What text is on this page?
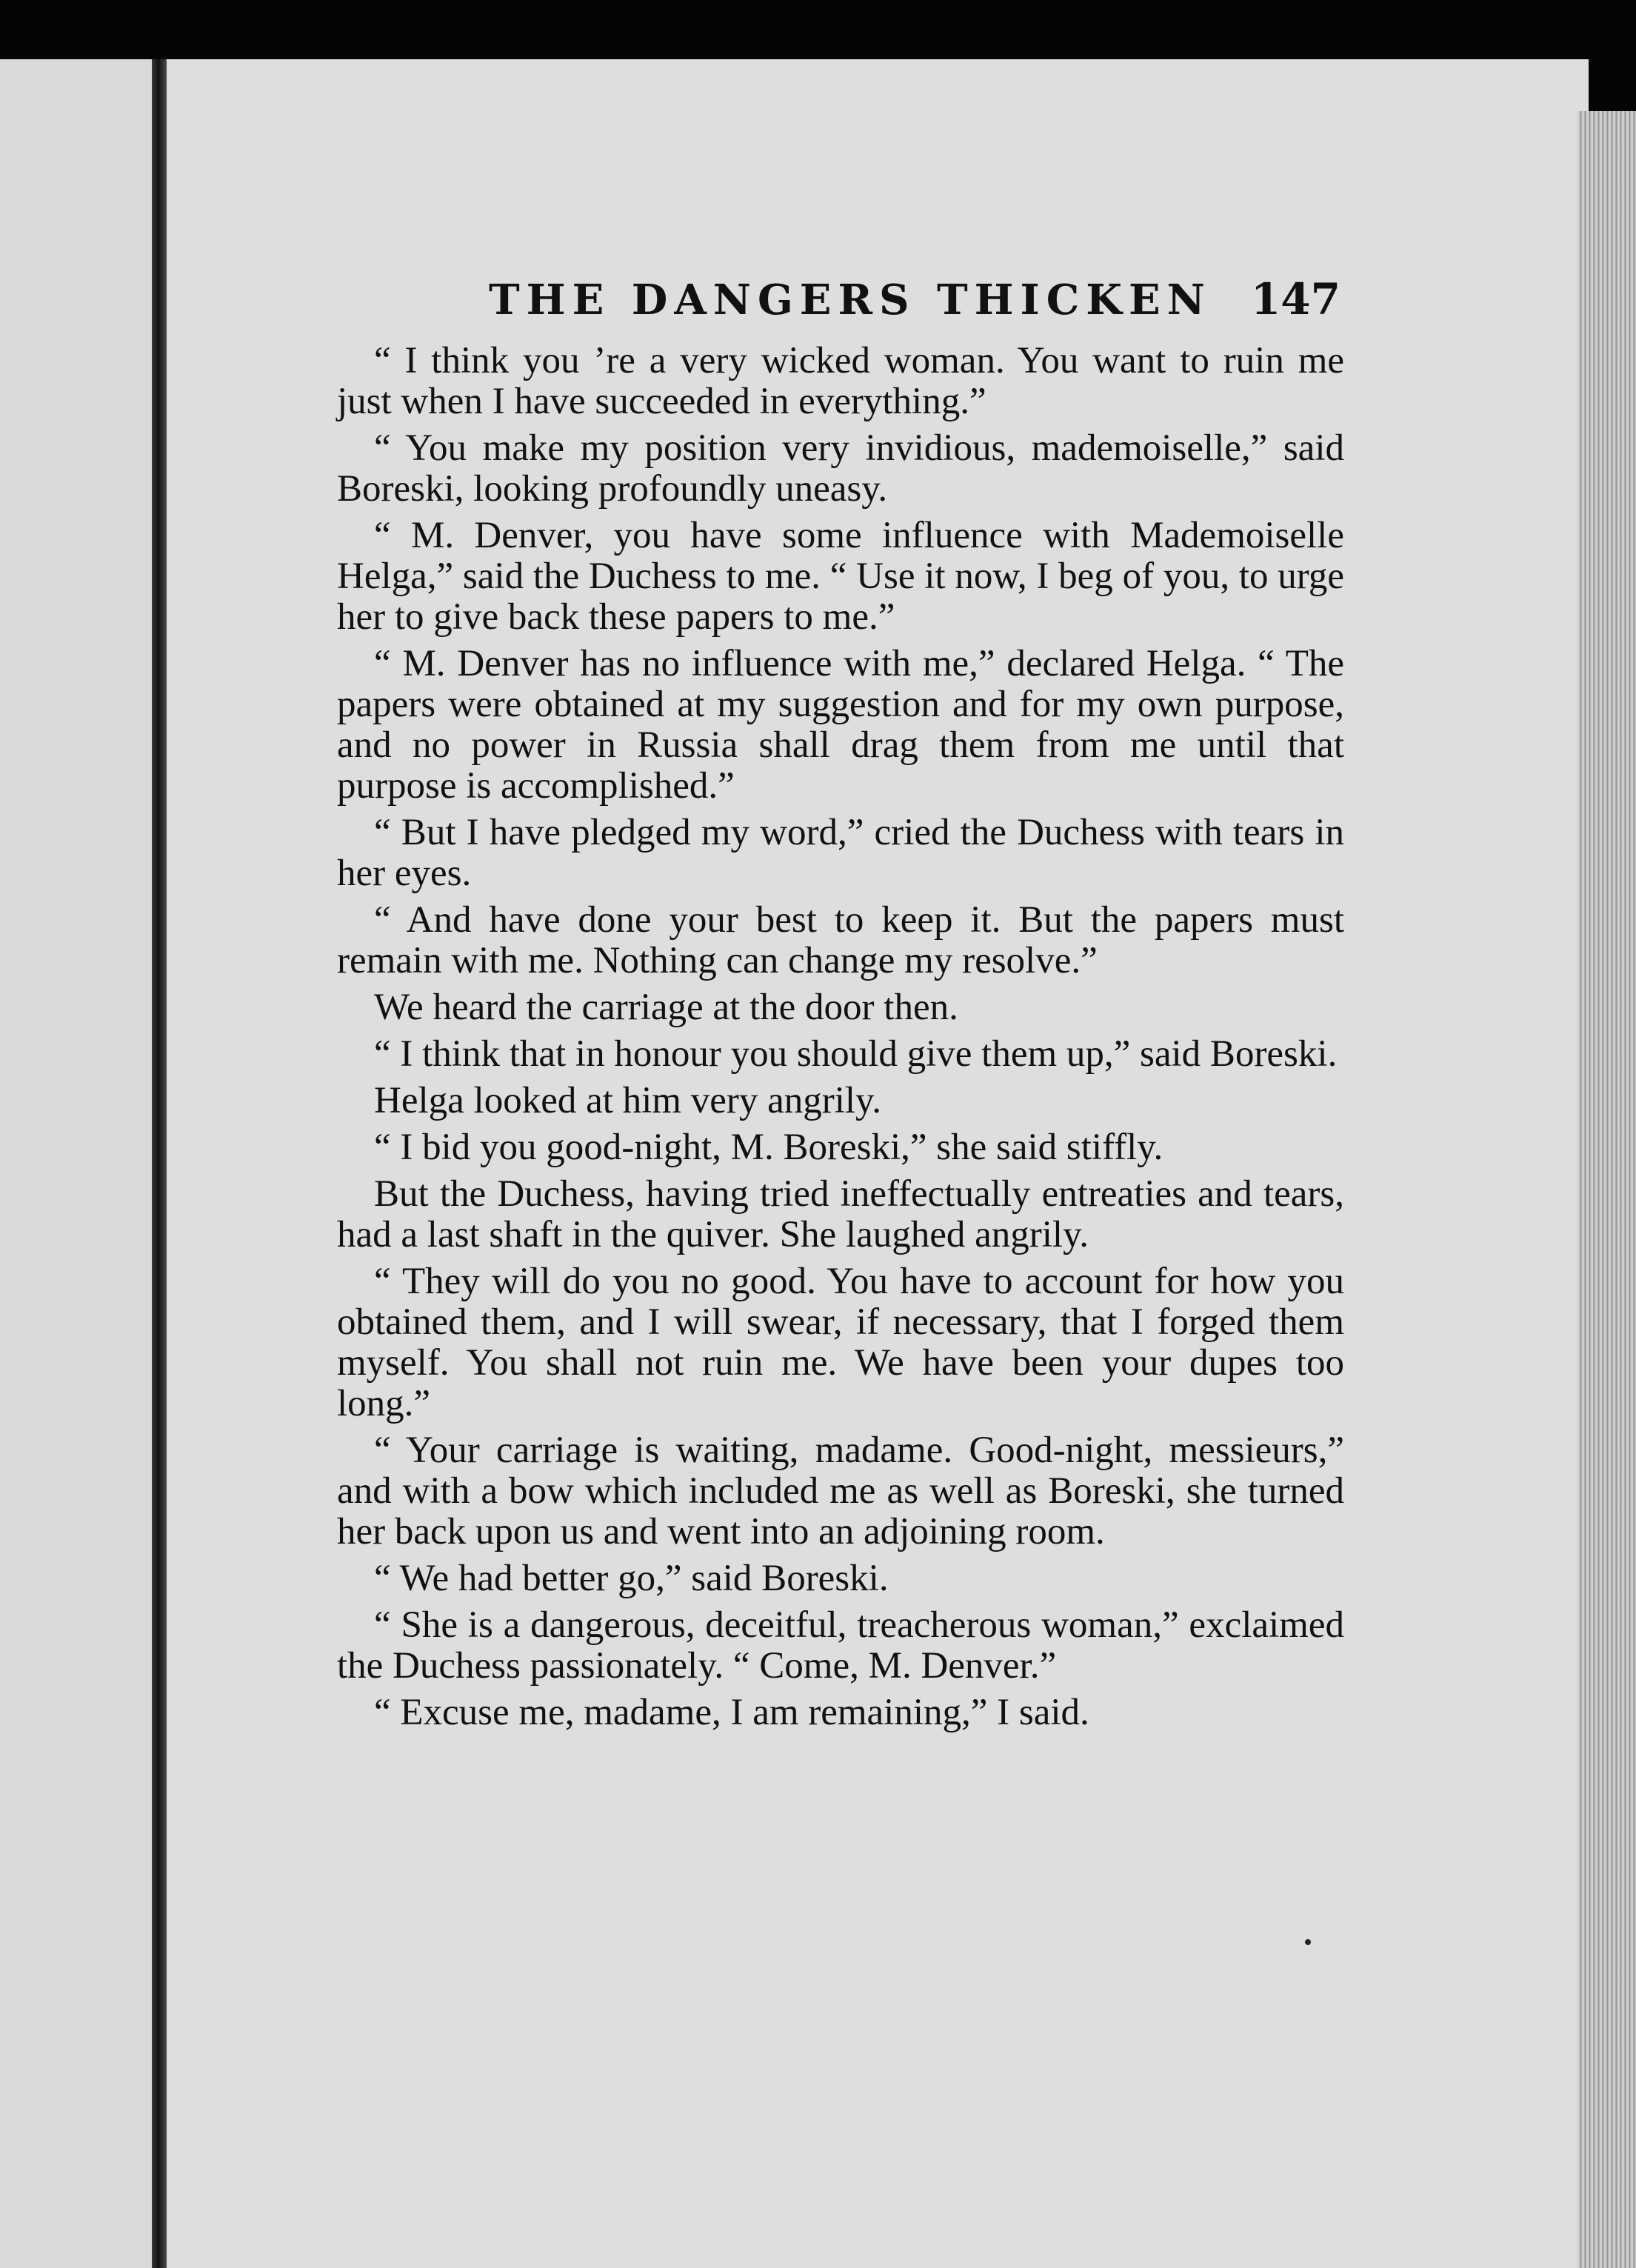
THE DANGERS THICKEN 147

“ I think you ’re a very wicked woman. You want to ruin me just when I have succeeded in everything.”

“ You make my position very invidious, mademoiselle,” said Boreski, looking profoundly uneasy.

“ M. Denver, you have some influence with Mademoiselle Helga,” said the Duchess to me. “ Use it now, I beg of you, to urge her to give back these papers to me.”

“ M. Denver has no influence with me,” declared Helga. “ The papers were obtained at my suggestion and for my own purpose, and no power in Russia shall drag them from me until that purpose is accomplished.”

“ But I have pledged my word,” cried the Duchess with tears in her eyes.

“ And have done your best to keep it. But the papers must remain with me. Nothing can change my resolve.”

We heard the carriage at the door then.

“ I think that in honour you should give them up,” said Boreski.

Helga looked at him very angrily.

“ I bid you good-night, M. Boreski,” she said stiffly.

But the Duchess, having tried ineffectually entreaties and tears, had a last shaft in the quiver. She laughed angrily.

“ They will do you no good. You have to account for how you obtained them, and I will swear, if necessary, that I forged them myself. You shall not ruin me. We have been your dupes too long.”

“ Your carriage is waiting, madame. Good-night, messieurs,” and with a bow which included me as well as Boreski, she turned her back upon us and went into an adjoining room.

“ We had better go,” said Boreski.

“ She is a dangerous, deceitful, treacherous woman,” exclaimed the Duchess passionately. “ Come, M. Denver.”

“ Excuse me, madame, I am remaining,” I said.
